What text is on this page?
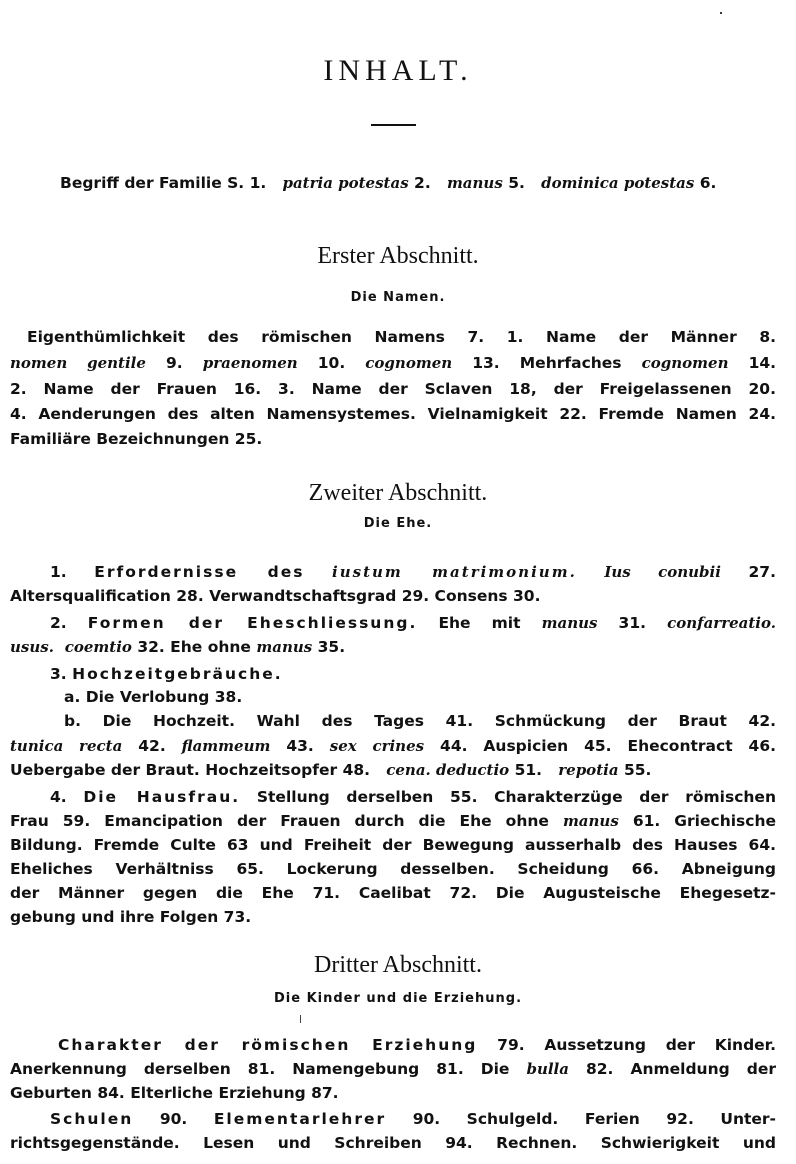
INHALT.
Begriff der Familie S. 1. patria potestas 2. manus 5. dominica potestas 6.
Erster Abschnitt.
Die Namen.
Eigenthümlichkeit des römischen Namens 7. 1. Name der Männer 8.
nomen gentile 9. praenomen 10. cognomen 13. Mehrfaches cognomen 14.
2. Name der Frauen 16. 3. Name der Sclaven 18, der Freigelassenen 20.
4. Aenderungen des alten Namensystemes. Vielnamigkeit 22. Fremde Namen 24.
Familiäre Bezeichnungen 25.
Zweiter Abschnitt.
Die Ehe.
1. Erfordernisse des iustum matrimonium. Ius conubii 27.
Altersqualification 28. Verwandtschaftsgrad 29. Consens 30.
2. Formen der Eheschliessung. Ehe mit manus 31. confarreatio.
usus. coemtio 32. Ehe ohne manus 35.
3. Hochzeitgebräuche.
a. Die Verlobung 38.
b. Die Hochzeit. Wahl des Tages 41. Schmückung der Braut 42.
tunica recta 42. flammeum 43. sex crines 44. Auspicien 45. Ehecontract 46.
Uebergabe der Braut. Hochzeitsopfer 48. cena. deductio 51. repotia 55.
4. Die Hausfrau. Stellung derselben 55. Charakterzüge der römischen
Frau 59. Emancipation der Frauen durch die Ehe ohne manus 61. Griechische
Bildung. Fremde Culte 63 und Freiheit der Bewegung ausserhalb des Hauses 64.
Eheliches Verhältniss 65. Lockerung desselben. Scheidung 66. Abneigung
der Männer gegen die Ehe 71. Caelibat 72. Die Augusteische Ehegesetz-
gebung und ihre Folgen 73.
Dritter Abschnitt.
Die Kinder und die Erziehung.
Charakter der römischen Erziehung 79. Aussetzung der Kinder.
Anerkennung derselben 81. Namengebung 81. Die bulla 82. Anmeldung der
Geburten 84. Elterliche Erziehung 87.
Schulen 90. Elementarlehrer 90. Schulgeld. Ferien 92. Unter-
richtsgegenstände. Lesen und Schreiben 94. Rechnen. Schwierigkeit und
